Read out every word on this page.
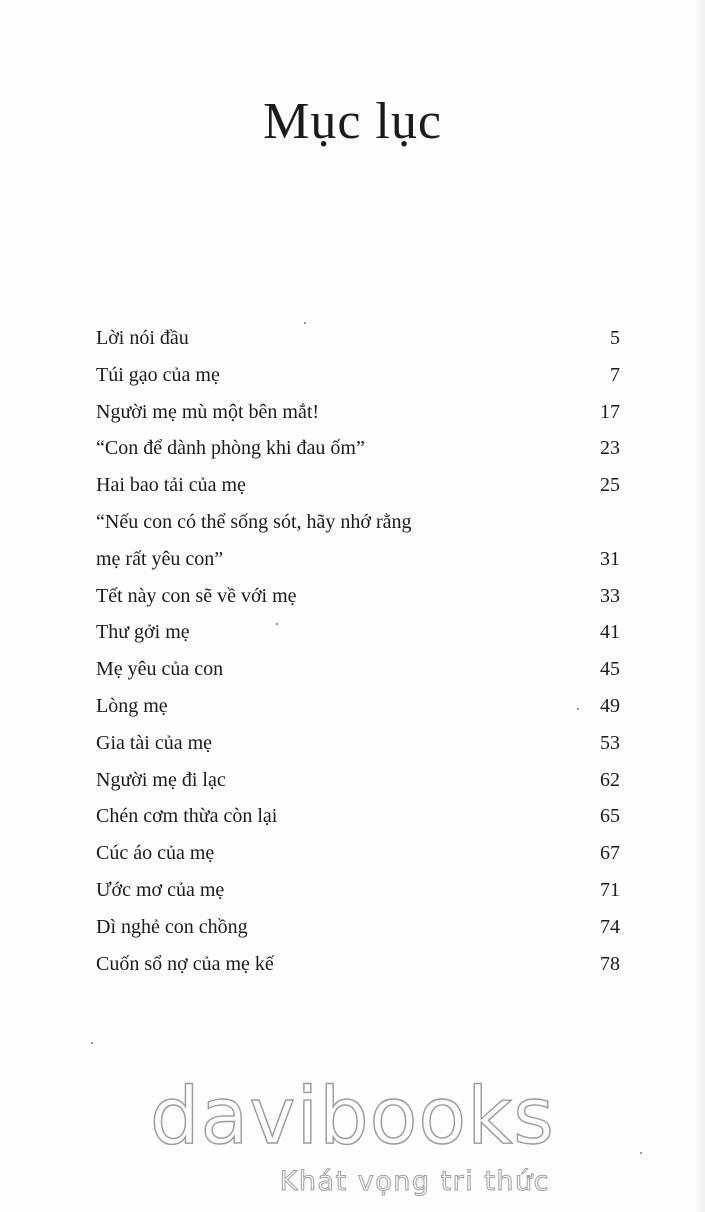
Mục lục
Lời nói đầu	5
Túi gạo của mẹ	7
Người mẹ mù một bên mắt!	17
“Con để dành phòng khi đau ốm”	23
Hai bao tải của mẹ	25
“Nếu con có thể sống sót, hãy nhớ rằng
mẹ rất yêu con”	31
Tết này con sẽ về với mẹ	33
Thư gởi mẹ	41
Mẹ yêu của con	45
Lòng mẹ	49
Gia tài của mẹ	53
Người mẹ đi lạc	62
Chén cơm thừa còn lại	65
Cúc áo của mẹ	67
Ước mơ của mẹ	71
Dì nghẻ con chồng	74
Cuốn sổ nợ của mẹ kế	78
davibooks
Khát vọng tri thức
